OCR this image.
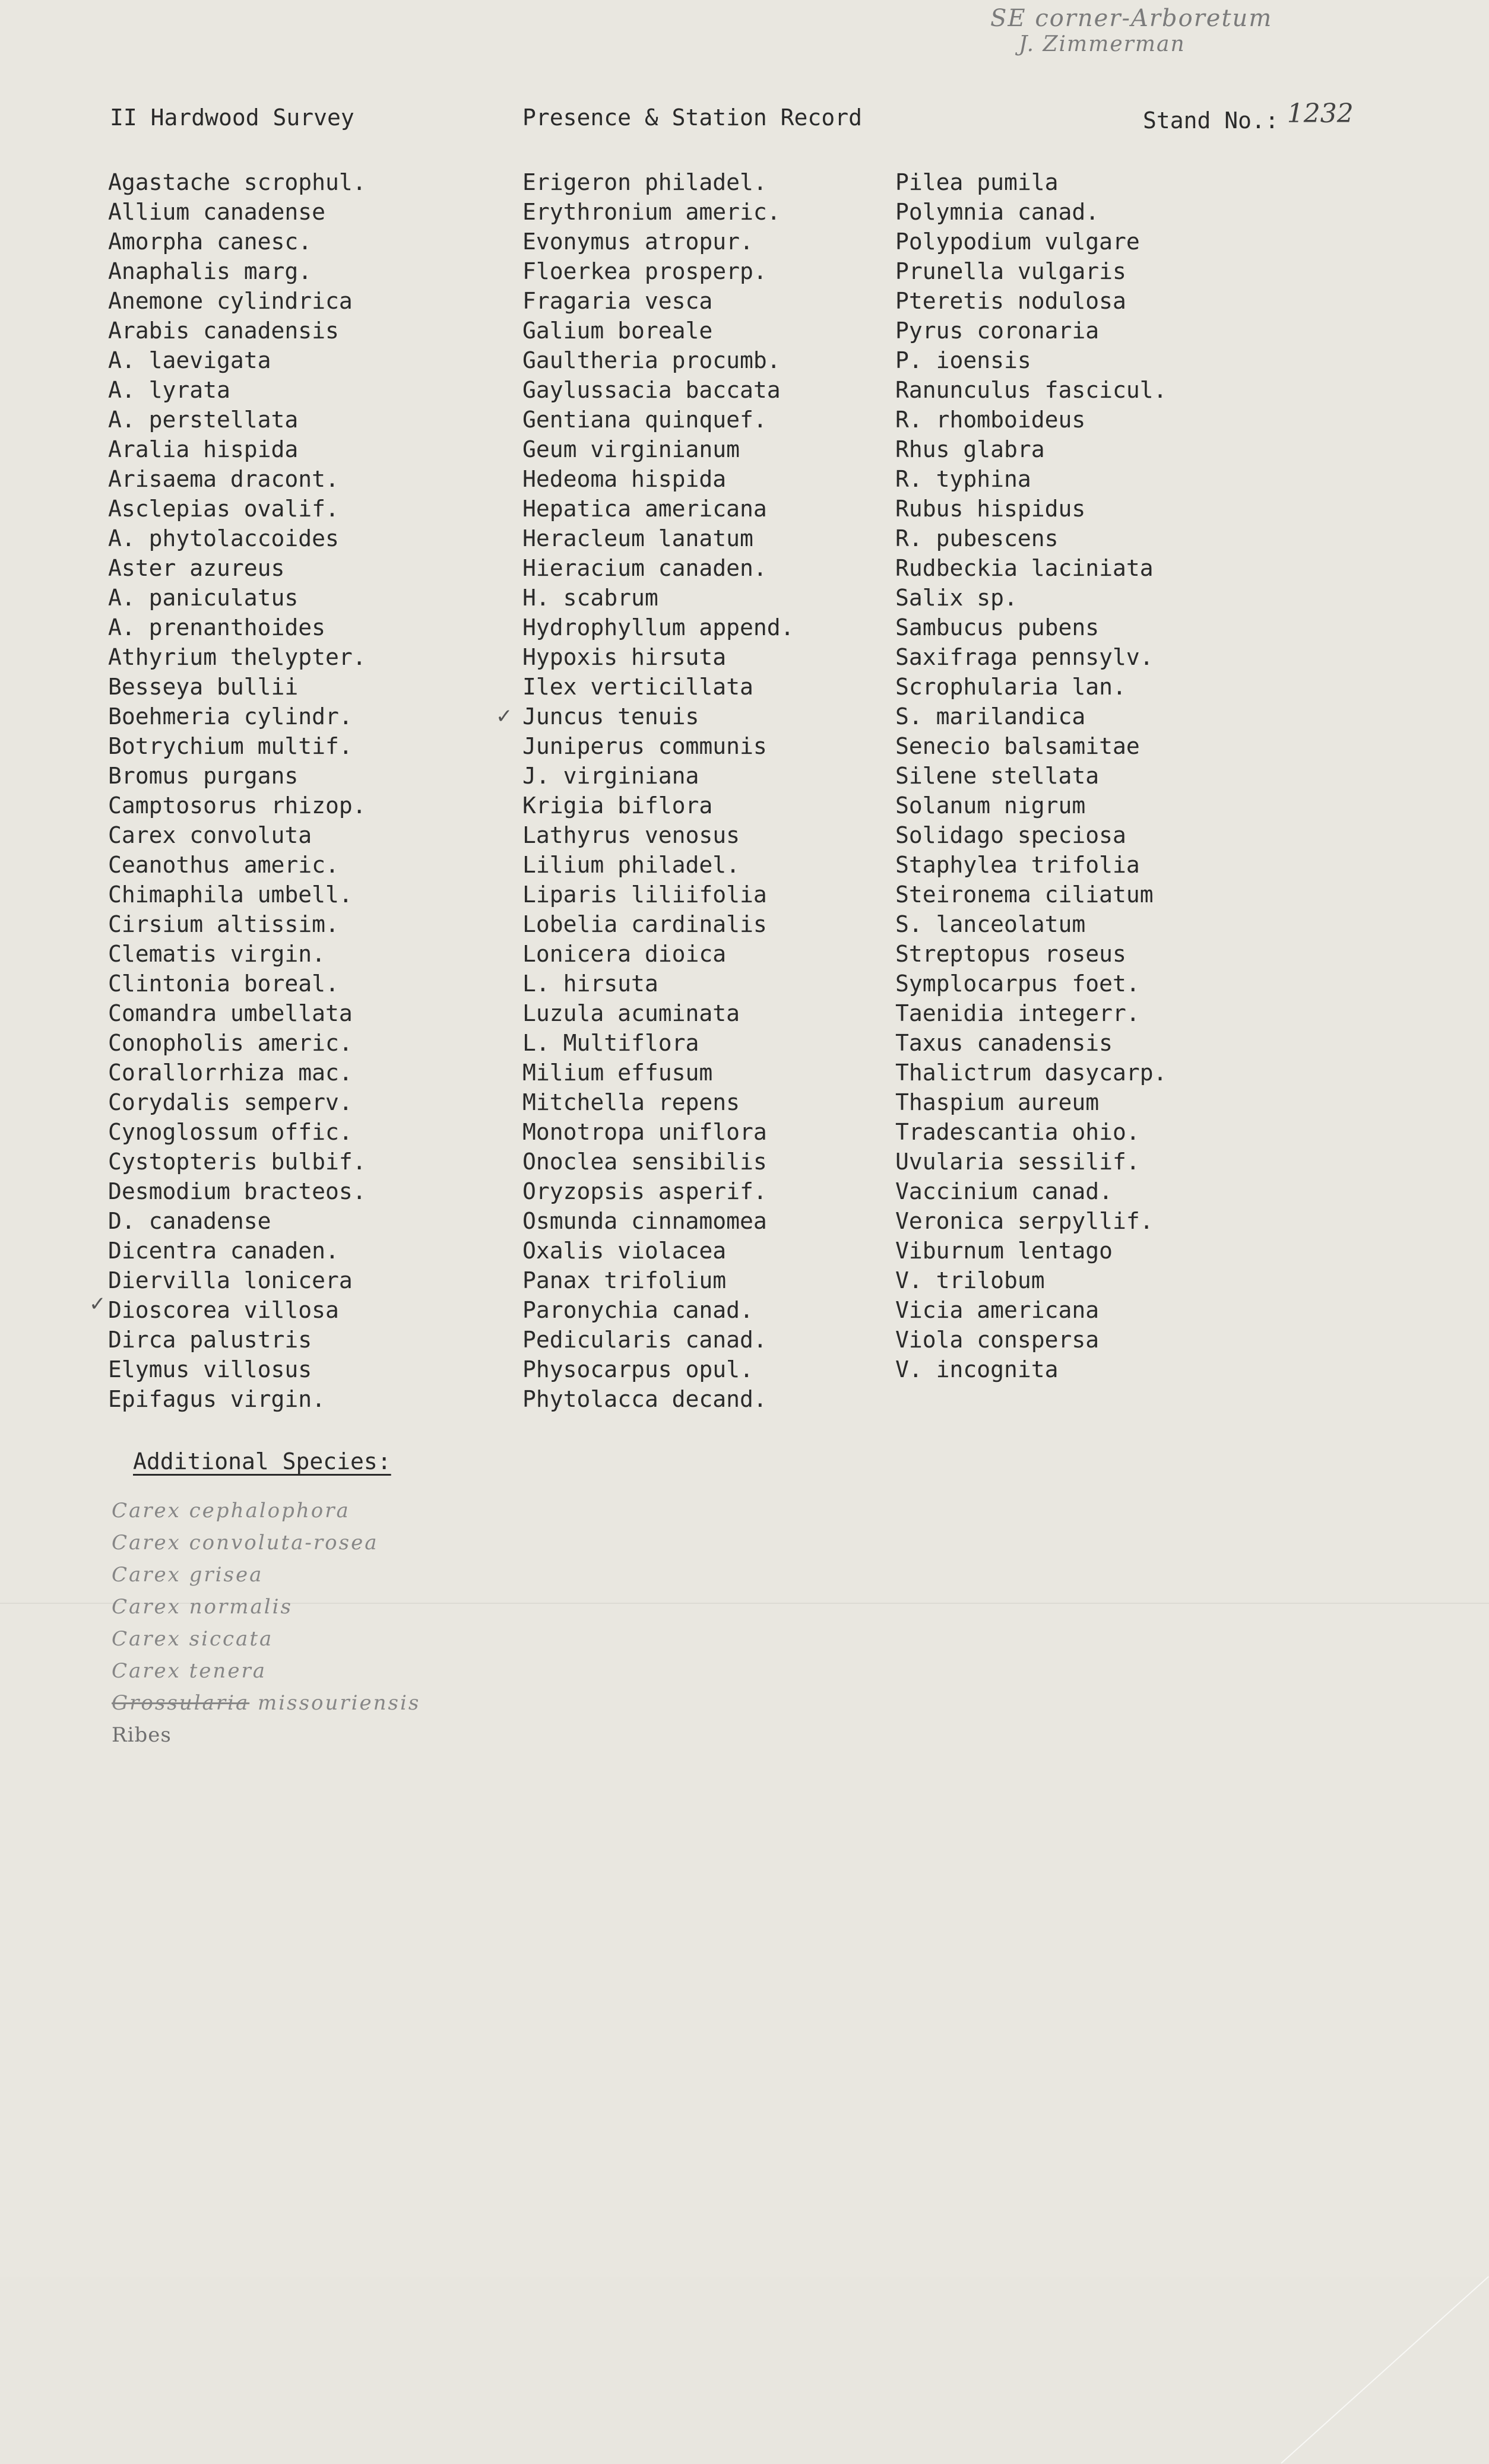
SE corner-Arboretum
J. Zimmerman
II Hardwood Survey	Presence & Station Record	Stand No.: 1232
Agastache scrophul.
Allium canadense
Amorpha canesc.
Anaphalis marg.
Anemone cylindrica
Arabis canadensis
A. laevigata
A. lyrata
A. perstellata
Aralia hispida
Arisaema dracont.
Asclepias ovalif.
A. phytolaccoides
Aster azureus
A. paniculatus
A. prenanthoides
Athyrium thelypter.
Besseya bullii
Boehmeria cylindr.
Botrychium multif.
Bromus purgans
Camptosorus rhizop.
Carex convoluta
Ceanothus americ.
Chimaphila umbell.
Cirsium altissim.
Clematis virgin.
Clintonia boreal.
Comandra umbellata
Conopholis americ.
Corallorrhiza mac.
Corydalis semperv.
Cynoglossum offic.
Cystopteris bulbif.
Desmodium bracteos.
D. canadense
Dicentra canaden.
Diervilla lonicera
Dioscorea villosa
Dirca palustris
Elymus villosus
Epifagus virgin.
Erigeron philadel.
Erythronium americ.
Evonymus atropur.
Floerkea prosperp.
Fragaria vesca
Galium boreale
Gaultheria procumb.
Gaylussacia baccata
Gentiana quinquef.
Geum virginianum
Hedeoma hispida
Hepatica americana
Heracleum lanatum
Hieracium canaden.
H. scabrum
Hydrophyllum append.
Hypoxis hirsuta
Ilex verticillata
Juncus tenuis
Juniperus communis
J. virginiana
Krigia biflora
Lathyrus venosus
Lilium philadel.
Liparis liliifolia
Lobelia cardinalis
Lonicera dioica
L. hirsuta
Luzula acuminata
L. Multiflora
Milium effusum
Mitchella repens
Monotropa uniflora
Onoclea sensibilis
Oryzopsis asperif.
Osmunda cinnamomea
Oxalis violacea
Panax trifolium
Paronychia canad.
Pedicularis canad.
Physocarpus opul.
Phytolacca decand.
Pilea pumila
Polymnia canad.
Polypodium vulgare
Prunella vulgaris
Pteretis nodulosa
Pyrus coronaria
P. ioensis
Ranunculus fascicul.
R. rhomboideus
Rhus glabra
R. typhina
Rubus hispidus
R. pubescens
Rudbeckia laciniata
Salix sp.
Sambucus pubens
Saxifraga pennsylv.
Scrophularia lan.
S. marilandica
Senecio balsamitae
Silene stellata
Solanum nigrum
Solidago speciosa
Staphylea trifolia
Steironema ciliatum
S. lanceolatum
Streptopus roseus
Symplocarpus foet.
Taenidia integerr.
Taxus canadensis
Thalictrum dasycarp.
Thaspium aureum
Tradescantia ohio.
Uvularia sessilif.
Vaccinium canad.
Veronica serpyllif.
Viburnum lentago
V. trilobum
Vicia americana
Viola conspersa
V. incognita
✓
✓
Additional Species:
Carex cephalophora
Carex convoluta-rosea
Carex grisea
Carex normalis
Carex siccata
Carex tenera
Grossularia missouriensis
Ribes
